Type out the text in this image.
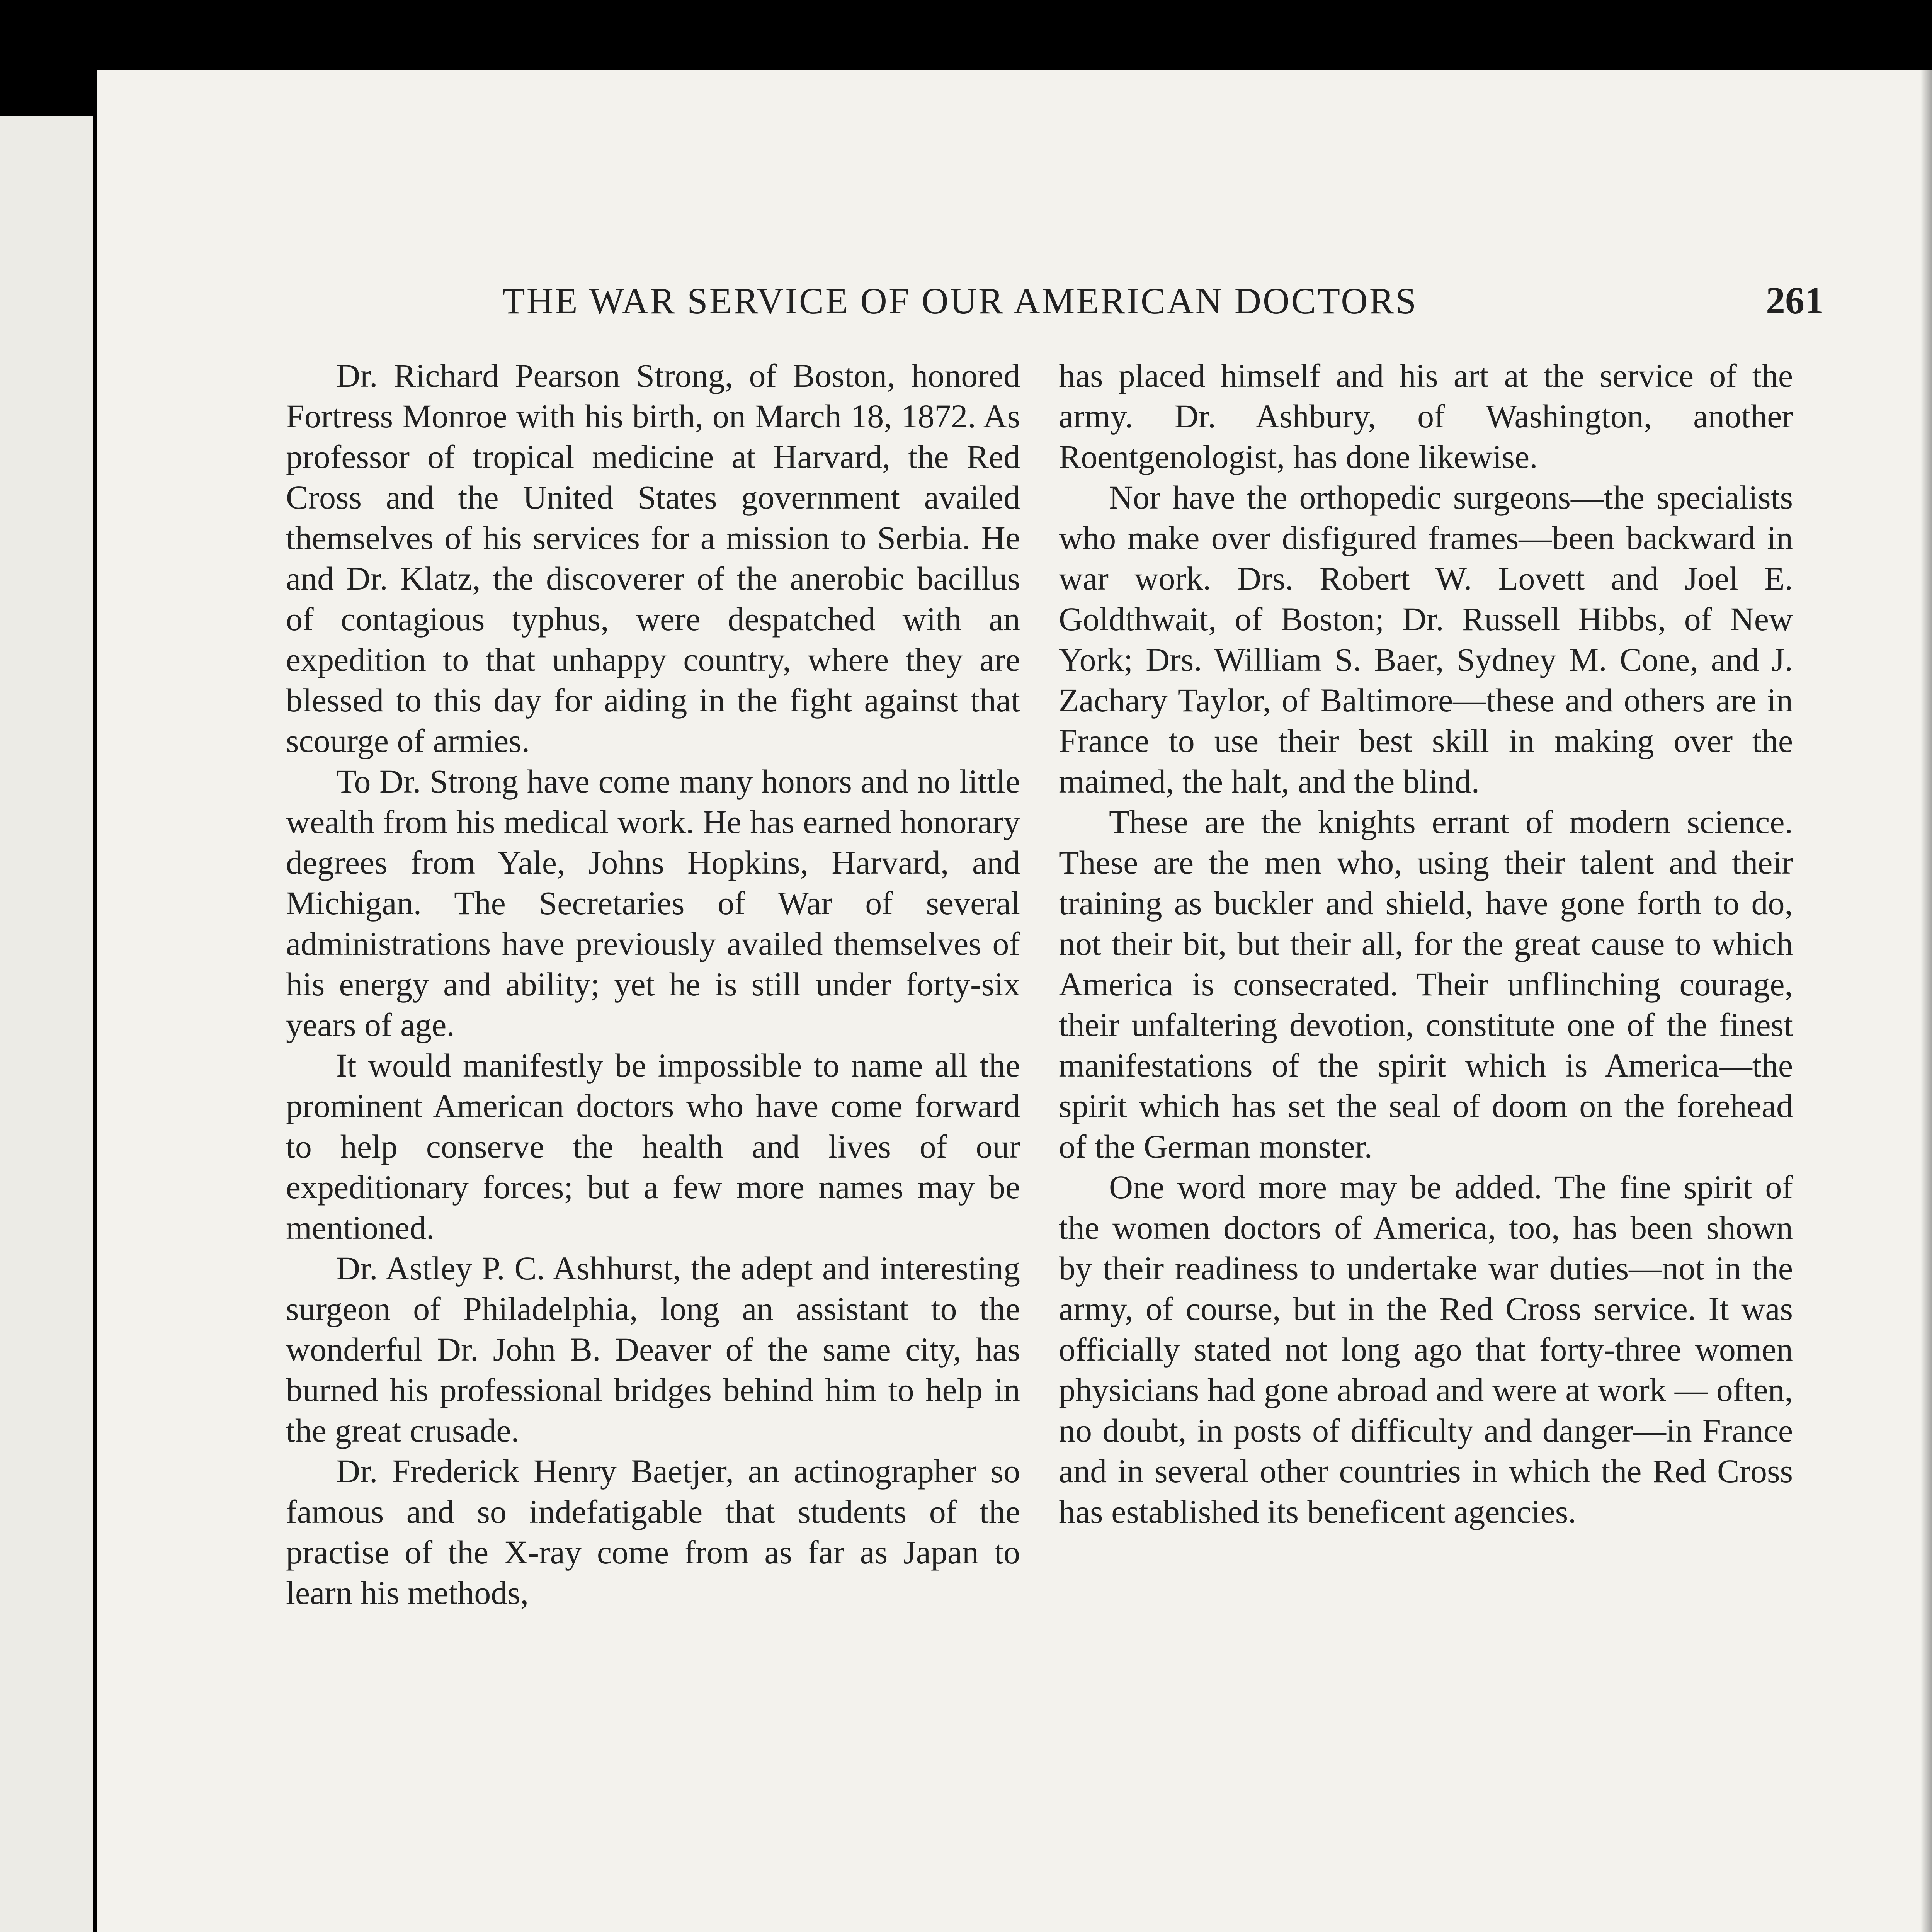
THE WAR SERVICE OF OUR AMERICAN DOCTORS	261

Dr. Richard Pearson Strong, of Boston, honored Fortress Monroe with his birth, on March 18, 1872. As professor of tropical medicine at Harvard, the Red Cross and the United States government availed themselves of his services for a mission to Serbia. He and Dr. Klatz, the discoverer of the anerobic bacillus of contagious typhus, were despatched with an expedition to that unhappy country, where they are blessed to this day for aiding in the fight against that scourge of armies.

To Dr. Strong have come many honors and no little wealth from his medical work. He has earned honorary degrees from Yale, Johns Hopkins, Harvard, and Michigan. The Secretaries of War of several administrations have previously availed themselves of his energy and ability; yet he is still under forty-six years of age.

It would manifestly be impossible to name all the prominent American doctors who have come forward to help conserve the health and lives of our expeditionary forces; but a few more names may be mentioned.

Dr. Astley P. C. Ashhurst, the adept and interesting surgeon of Philadelphia, long an assistant to the wonderful Dr. John B. Deaver of the same city, has burned his professional bridges behind him to help in the great crusade.

Dr. Frederick Henry Baetjer, an actinographer so famous and so indefatigable that students of the practise of the X-ray come from as far as Japan to learn his methods,

has placed himself and his art at the service of the army. Dr. Ashbury, of Washington, another Roentgenologist, has done likewise.

Nor have the orthopedic surgeons—the specialists who make over disfigured frames—been backward in war work. Drs. Robert W. Lovett and Joel E. Goldthwait, of Boston; Dr. Russell Hibbs, of New York; Drs. William S. Baer, Sydney M. Cone, and J. Zachary Taylor, of Baltimore—these and others are in France to use their best skill in making over the maimed, the halt, and the blind.

These are the knights errant of modern science. These are the men who, using their talent and their training as buckler and shield, have gone forth to do, not their bit, but their all, for the great cause to which America is consecrated. Their unflinching courage, their unfaltering devotion, constitute one of the finest manifestations of the spirit which is America—the spirit which has set the seal of doom on the forehead of the German monster.

One word more may be added. The fine spirit of the women doctors of America, too, has been shown by their readiness to undertake war duties—not in the army, of course, but in the Red Cross service. It was officially stated not long ago that forty-three women physicians had gone abroad and were at work — often, no doubt, in posts of difficulty and danger—in France and in several other countries in which the Red Cross has established its beneficent agencies.
